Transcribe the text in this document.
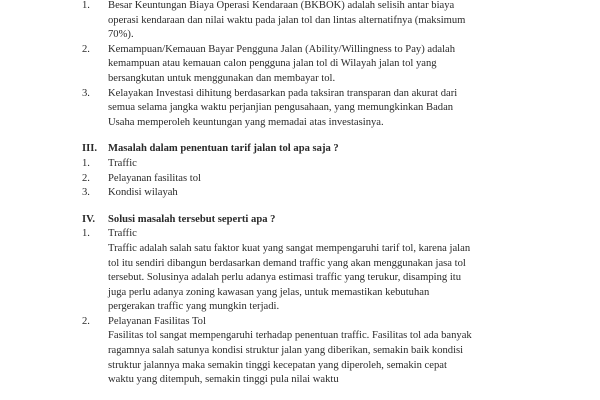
1.	Besar Keuntungan Biaya Operasi Kendaraan (BKBOK) adalah selisih antar biaya
operasi kendaraan dan nilai waktu pada jalan tol dan lintas alternatifnya (maksimum
70%).
2.	Kemampuan/Kemauan Bayar Pengguna Jalan (Ability/Willingness to Pay) adalah
kemampuan atau kemauan calon pengguna jalan tol di Wilayah jalan tol yang
bersangkutan untuk menggunakan dan membayar tol.
3.	Kelayakan Investasi dihitung berdasarkan pada taksiran transparan dan akurat dari
semua selama jangka waktu perjanjian pengusahaan, yang memungkinkan Badan
Usaha memperoleh keuntungan yang memadai atas investasinya.
III.	Masalah dalam penentuan tarif jalan tol apa saja ?
1.	Traffic
2.	Pelayanan fasilitas tol
3.	Kondisi wilayah
IV.	Solusi masalah tersebut seperti apa ?
1.	Traffic
Traffic adalah salah satu faktor kuat yang sangat mempengaruhi tarif tol, karena jalan
tol itu sendiri dibangun berdasarkan demand traffic yang akan menggunakan jasa tol
tersebut. Solusinya adalah perlu adanya estimasi traffic yang terukur, disamping itu
juga perlu adanya zoning kawasan yang jelas, untuk memastikan kebutuhan
pergerakan traffic yang mungkin terjadi.
2.	Pelayanan Fasilitas Tol
Fasilitas tol sangat mempengaruhi terhadap penentuan traffic. Fasilitas tol ada banyak
ragamnya salah satunya kondisi struktur jalan yang diberikan, semakin baik kondisi
struktur jalannya maka semakin tinggi kecepatan yang diperoleh, semakin cepat
waktu yang ditempuh, semakin tinggi pula nilai waktu
